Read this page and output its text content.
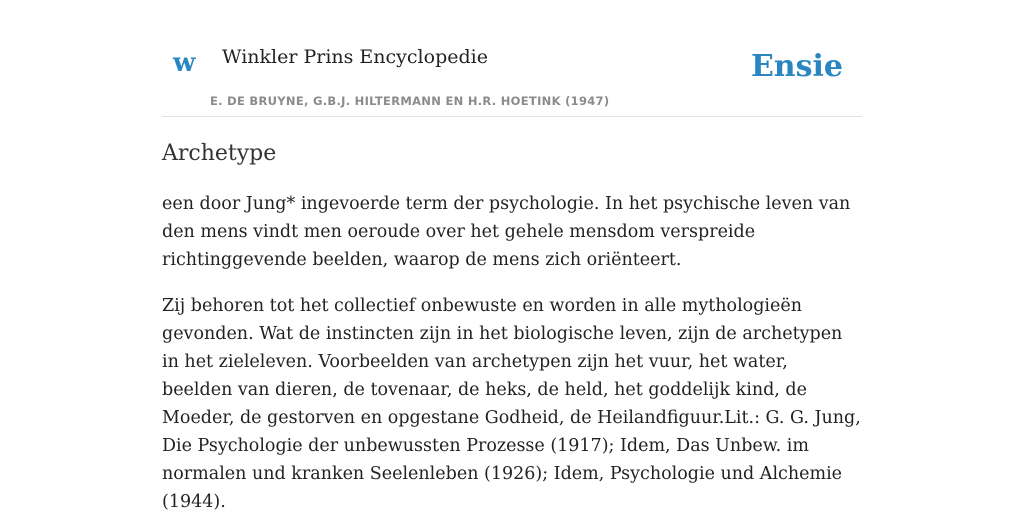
w Winkler Prins Encyclopedie
E. DE BRUYNE, G.B.J. HILTERMANN EN H.R. HOETINK (1947)
Ensie
Archetype

een door Jung* ingevoerde term der psychologie. In het psychische leven van den mens vindt men oeroude over het gehele mensdom verspreide richtinggevende beelden, waarop de mens zich oriënteert.

Zij behoren tot het collectief onbewuste en worden in alle mythologieën gevonden. Wat de instincten zijn in het biologische leven, zijn de archetypen in het zieleleven. Voorbeelden van archetypen zijn het vuur, het water, beelden van dieren, de tovenaar, de heks, de held, het goddelijk kind, de Moeder, de gestorven en opgestane Godheid, de Heilandfiguur.Lit.: G. G. Jung, Die Psychologie der unbewussten Prozesse (1917); Idem, Das Unbew. im normalen und kranken Seelenleben (1926); Idem, Psychologie und Alchemie (1944).
